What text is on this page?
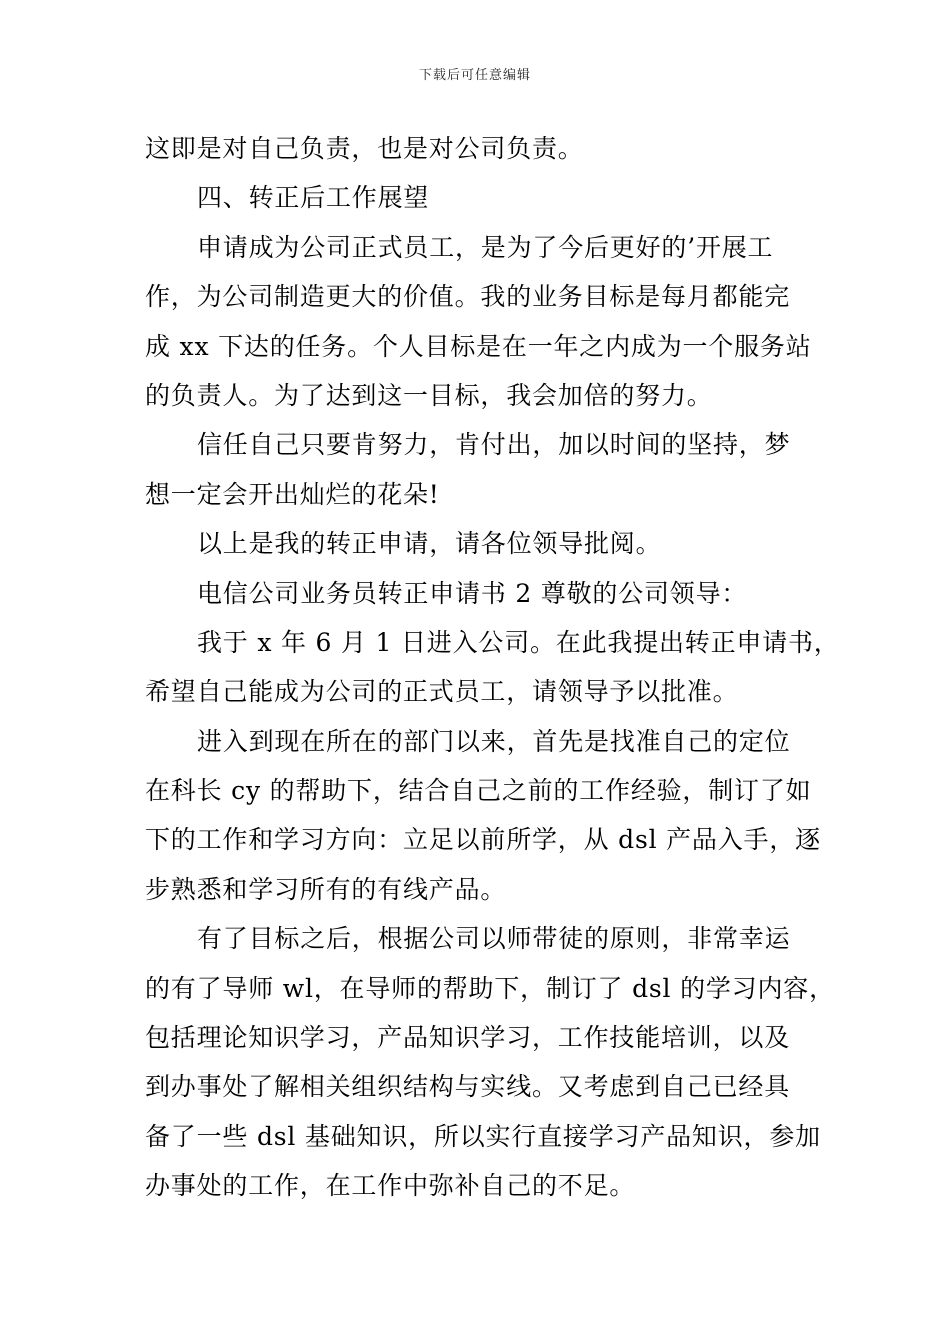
下载后可任意编辑
这即是对自己负责，也是对公司负责。
四、转正后工作展望
申请成为公司正式员工，是为了今后更好的’开展工
作，为公司制造更大的价值。我的业务目标是每月都能完
成 xx 下达的任务。个人目标是在一年之内成为一个服务站
的负责人。为了达到这一目标，我会加倍的努力。
信任自己只要肯努力，肯付出，加以时间的坚持，梦
想一定会开出灿烂的花朵!
以上是我的转正申请，请各位领导批阅。
电信公司业务员转正申请书 2 尊敬的公司领导：
我于 x 年 6 月 1 日进入公司。在此我提出转正申请书，
希望自己能成为公司的正式员工，请领导予以批准。
进入到现在所在的部门以来，首先是找准自己的定位
在科长 cy 的帮助下，结合自己之前的工作经验，制订了如
下的工作和学习方向：立足以前所学，从 dsl 产品入手，逐
步熟悉和学习所有的有线产品。
有了目标之后，根据公司以师带徒的原则，非常幸运
的有了导师 wl，在导师的帮助下，制订了 dsl 的学习内容，
包括理论知识学习，产品知识学习，工作技能培训，以及
到办事处了解相关组织结构与实线。又考虑到自己已经具
备了一些 dsl 基础知识，所以实行直接学习产品知识，参加
办事处的工作，在工作中弥补自己的不足。
